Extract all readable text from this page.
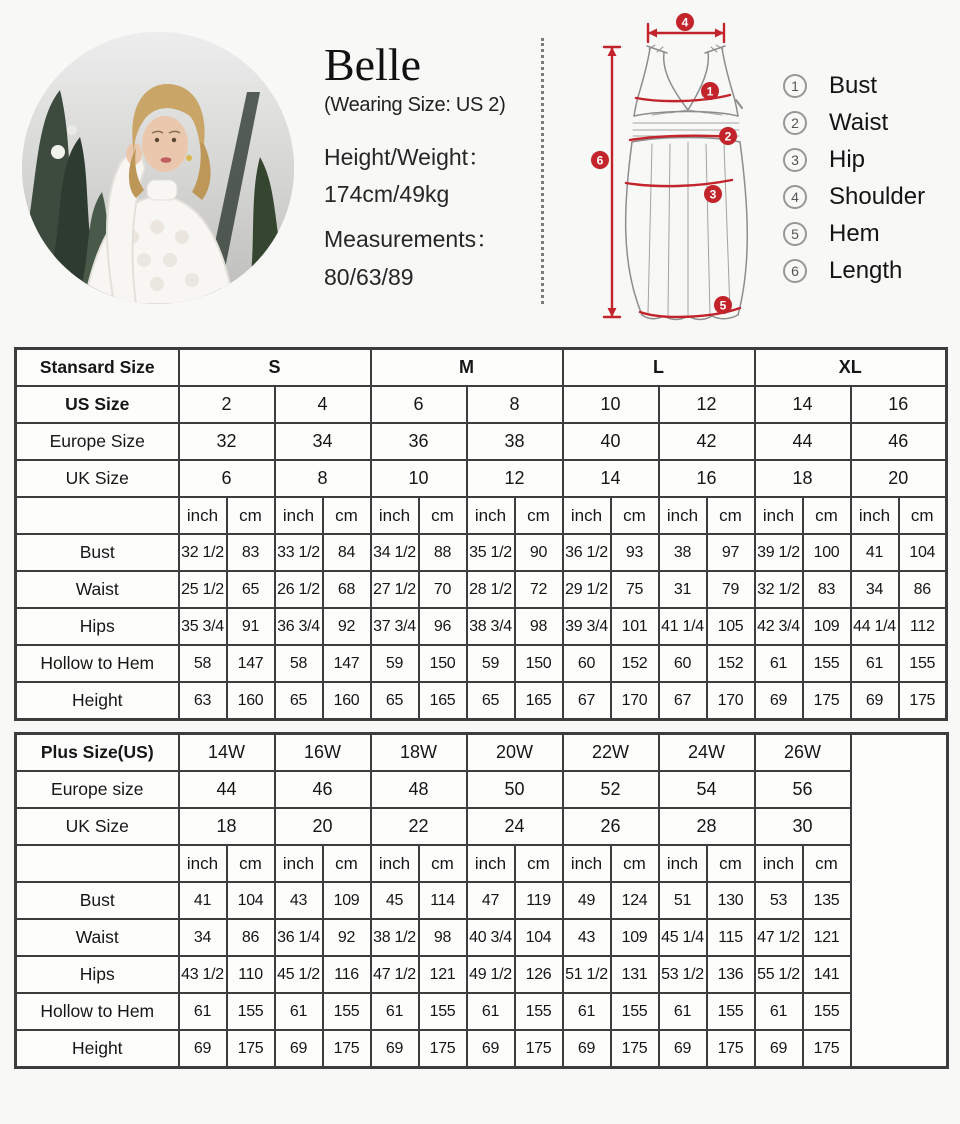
Belle
(Wearing Size: US 2)
Height/Weight：
174cm/49kg
Measurements：
80/63/89
4
6
1
2
3
5
1	Bust
2	Waist
3	Hip
4	Shoulder
5	Hem
6	Length
Stansard Size	S				M				L				XL			
US Size	2		4		6		8		10		12		14		16	
Europe Size	32		34		36		38		40		42		44		46	
UK Size	6		8		10		12		14		16		18		20	
	inch	cm	inch	cm	inch	cm	inch	cm	inch	cm	inch	cm	inch	cm	inch	cm
Bust	32 1/2	83	33 1/2	84	34 1/2	88	35 1/2	90	36 1/2	93	38	97	39 1/2	100	41	104
Waist	25 1/2	65	26 1/2	68	27 1/2	70	28 1/2	72	29 1/2	75	31	79	32 1/2	83	34	86
Hips	35 3/4	91	36 3/4	92	37 3/4	96	38 3/4	98	39 3/4	101	41 1/4	105	42 3/4	109	44 1/4	112
Hollow to Hem	58	147	58	147	59	150	59	150	60	152	60	152	61	155	61	155
Height	63	160	65	160	65	165	65	165	67	170	67	170	69	175	69	175
Plus Size(US)	14W		16W		18W		20W		22W		24W		26W		
Europe size	44		46		48		50		52		54		56		
UK Size	18		20		22		24		26		28		30		
	inch	cm	inch	cm	inch	cm	inch	cm	inch	cm	inch	cm	inch	cm	
Bust	41	104	43	109	45	114	47	119	49	124	51	130	53	135	
Waist	34	86	36 1/4	92	38 1/2	98	40 3/4	104	43	109	45 1/4	115	47 1/2	121	
Hips	43 1/2	110	45 1/2	116	47 1/2	121	49 1/2	126	51 1/2	131	53 1/2	136	55 1/2	141	
Hollow to Hem	61	155	61	155	61	155	61	155	61	155	61	155	61	155	
Height	69	175	69	175	69	175	69	175	69	175	69	175	69	175	
